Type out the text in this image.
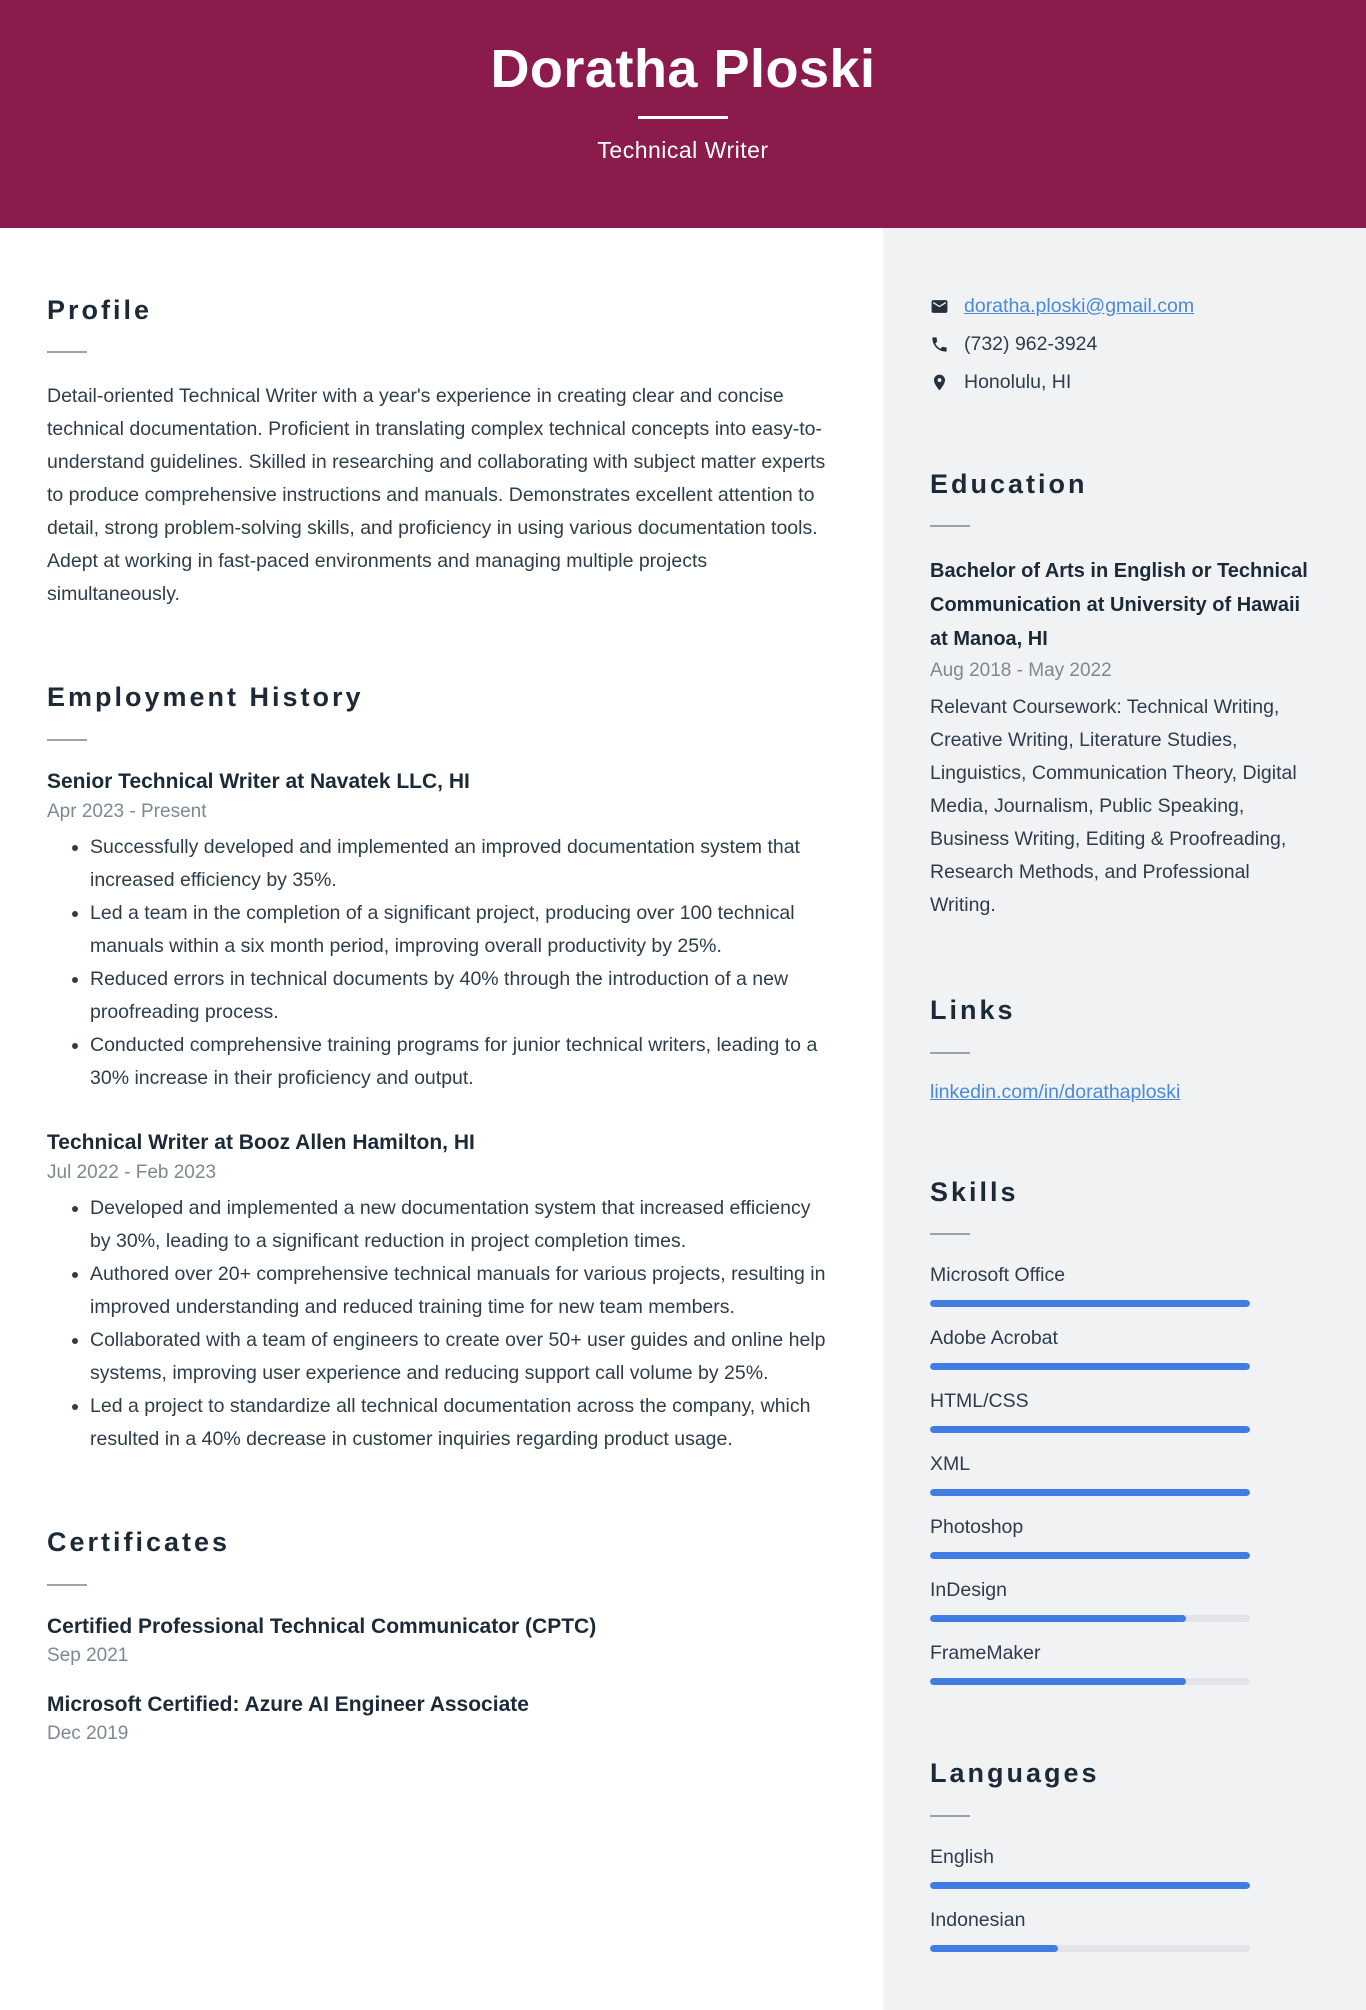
Doratha Ploski
Technical Writer
Profile

Detail-oriented Technical Writer with a year's experience in creating clear and concise technical documentation. Proficient in translating complex technical concepts into easy-to-understand guidelines. Skilled in researching and collaborating with subject matter experts to produce comprehensive instructions and manuals. Demonstrates excellent attention to detail, strong problem-solving skills, and proficiency in using various documentation tools. Adept at working in fast-paced environments and managing multiple projects simultaneously.

Employment History
Senior Technical Writer at Navatek LLC, HI

Apr 2023 - Present

• Successfully developed and implemented an improved documentation system that increased efficiency by 35%.
• Led a team in the completion of a significant project, producing over 100 technical manuals within a six month period, improving overall productivity by 25%.
• Reduced errors in technical documents by 40% through the introduction of a new proofreading process.
• Conducted comprehensive training programs for junior technical writers, leading to a 30% increase in their proficiency and output.
Technical Writer at Booz Allen Hamilton, HI

Jul 2022 - Feb 2023

• Developed and implemented a new documentation system that increased efficiency by 30%, leading to a significant reduction in project completion times.
• Authored over 20+ comprehensive technical manuals for various projects, resulting in improved understanding and reduced training time for new team members.
• Collaborated with a team of engineers to create over 50+ user guides and online help systems, improving user experience and reducing support call volume by 25%.
• Led a project to standardize all technical documentation across the company, which resulted in a 40% decrease in customer inquiries regarding product usage.
Certificates
Certified Professional Technical Communicator (CPTC)

Sep 2021

Microsoft Certified: Azure AI Engineer Associate

Dec 2019

doratha.ploski@gmail.com
(732) 962-3924
Honolulu, HI
Education

Bachelor of Arts in English or Technical Communication at University of Hawaii at Manoa, HI

Aug 2018 - May 2022

Relevant Coursework: Technical Writing, Creative Writing, Literature Studies, Linguistics, Communication Theory, Digital Media, Journalism, Public Speaking, Business Writing, Editing & Proofreading, Research Methods, and Professional Writing.

Links
linkedin.com/in/dorathaploski
Skills
Microsoft Office
Adobe Acrobat
HTML/CSS
XML
Photoshop
InDesign
FrameMaker
Languages
English
Indonesian
